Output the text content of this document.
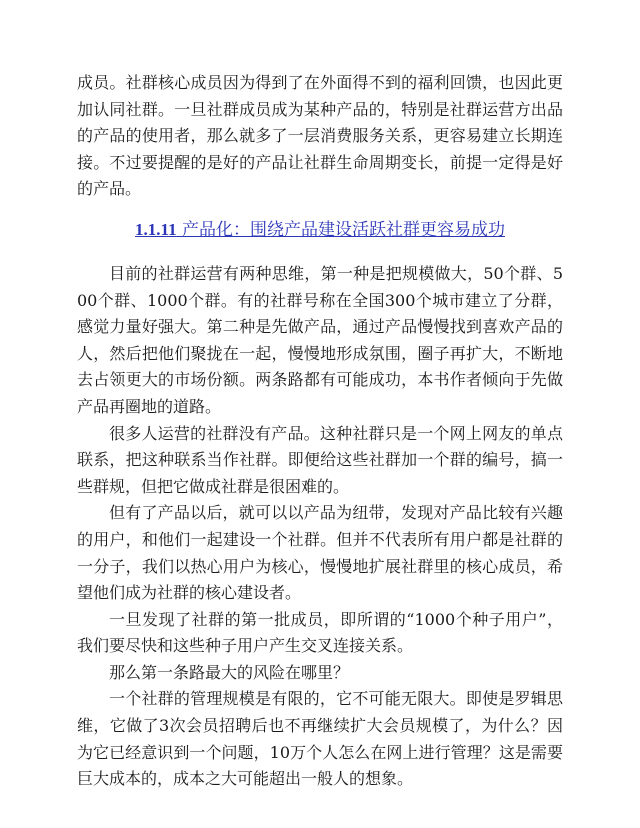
成员。社群核心成员因为得到了在外面得不到的福利回馈，也因此更加认同社群。一旦社群成员成为某种产品的，特别是社群运营方出品的产品的使用者，那么就多了一层消费服务关系，更容易建立长期连接。不过要提醒的是好的产品让社群生命周期变长，前提一定得是好的产品。

1.1.11 产品化：围绕产品建设活跃社群更容易成功

目前的社群运营有两种思维，第一种是把规模做大，50个群、500个群、1000个群。有的社群号称在全国300个城市建立了分群，感觉力量好强大。第二种是先做产品，通过产品慢慢找到喜欢产品的人，然后把他们聚拢在一起，慢慢地形成氛围，圈子再扩大，不断地去占领更大的市场份额。两条路都有可能成功，本书作者倾向于先做产品再圈地的道路。

很多人运营的社群没有产品。这种社群只是一个网上网友的单点联系，把这种联系当作社群。即便给这些社群加一个群的编号，搞一些群规，但把它做成社群是很困难的。

但有了产品以后，就可以以产品为纽带，发现对产品比较有兴趣的用户，和他们一起建设一个社群。但并不代表所有用户都是社群的一分子，我们以热心用户为核心，慢慢地扩展社群里的核心成员，希望他们成为社群的核心建设者。

一旦发现了社群的第一批成员，即所谓的“1000个种子用户”，我们要尽快和这些种子用户产生交叉连接关系。

那么第一条路最大的风险在哪里？

一个社群的管理规模是有限的，它不可能无限大。即使是罗辑思维，它做了3次会员招聘后也不再继续扩大会员规模了，为什么？因为它已经意识到一个问题，10万个人怎么在网上进行管理？这是需要巨大成本的，成本之大可能超出一般人的想象。
